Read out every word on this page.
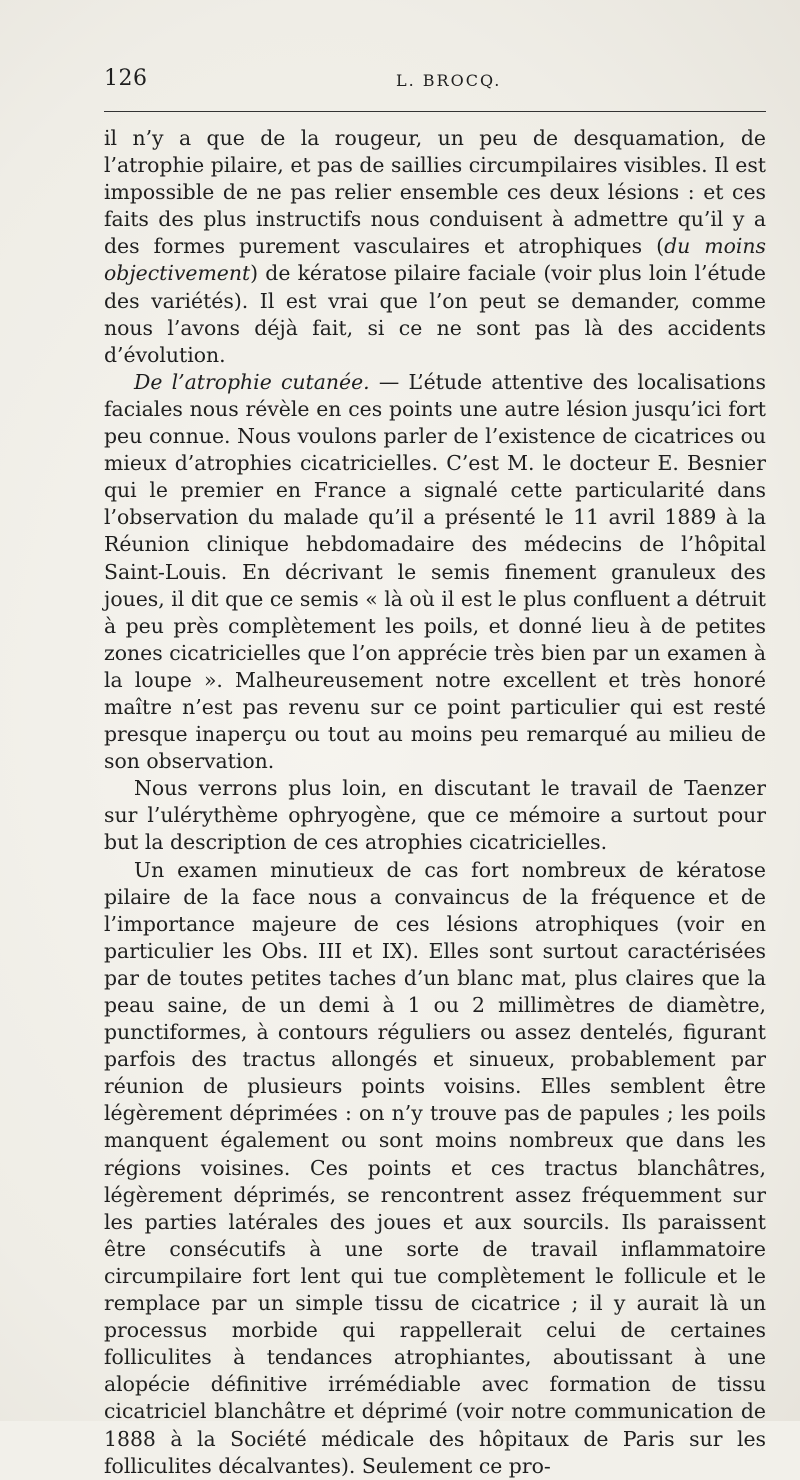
126	L. BROCQ.

il n’y a que de la rougeur, un peu de desquamation, de l’atrophie pilaire, et pas de saillies circumpilaires visibles. Il est impossible de ne pas relier ensemble ces deux lésions : et ces faits des plus instructifs nous conduisent à admettre qu’il y a des formes purement vasculaires et atrophiques (du moins objectivement) de kératose pilaire faciale (voir plus loin l’étude des variétés). Il est vrai que l’on peut se demander, comme nous l’avons déjà fait, si ce ne sont pas là des accidents d’évolution.

De l’atrophie cutanée. — L’étude attentive des localisations faciales nous révèle en ces points une autre lésion jusqu’ici fort peu connue. Nous voulons parler de l’existence de cicatrices ou mieux d’atrophies cicatricielles. C’est M. le docteur E. Besnier qui le premier en France a signalé cette particularité dans l’observation du malade qu’il a présenté le 11 avril 1889 à la Réunion clinique hebdomadaire des médecins de l’hôpital Saint-Louis. En décrivant le semis finement granuleux des joues, il dit que ce semis « là où il est le plus confluent a détruit à peu près complètement les poils, et donné lieu à de petites zones cicatricielles que l’on apprécie très bien par un examen à la loupe ». Malheureusement notre excellent et très honoré maître n’est pas revenu sur ce point particulier qui est resté presque inaperçu ou tout au moins peu remarqué au milieu de son observation.

Nous verrons plus loin, en discutant le travail de Taenzer sur l’ulérythème ophryogène, que ce mémoire a surtout pour but la description de ces atrophies cicatricielles.

Un examen minutieux de cas fort nombreux de kératose pilaire de la face nous a convaincus de la fréquence et de l’importance majeure de ces lésions atrophiques (voir en particulier les Obs. III et IX). Elles sont surtout caractérisées par de toutes petites taches d’un blanc mat, plus claires que la peau saine, de un demi à 1 ou 2 millimètres de diamètre, punctiformes, à contours réguliers ou assez dentelés, figurant parfois des tractus allongés et sinueux, probablement par réunion de plusieurs points voisins. Elles semblent être légèrement déprimées : on n’y trouve pas de papules ; les poils manquent également ou sont moins nombreux que dans les régions voisines. Ces points et ces tractus blanchâtres, légèrement déprimés, se rencontrent assez fréquemment sur les parties latérales des joues et aux sourcils. Ils paraissent être consécutifs à une sorte de travail inflammatoire circumpilaire fort lent qui tue complètement le follicule et le remplace par un simple tissu de cicatrice ; il y aurait là un processus morbide qui rappellerait celui de certaines folliculites à tendances atrophiantes, aboutissant à une alopécie définitive irrémédiable avec formation de tissu cicatriciel blanchâtre et déprimé (voir notre communication de 1888 à la Société médicale des hôpitaux de Paris sur les folliculites décalvantes). Seulement ce pro-
